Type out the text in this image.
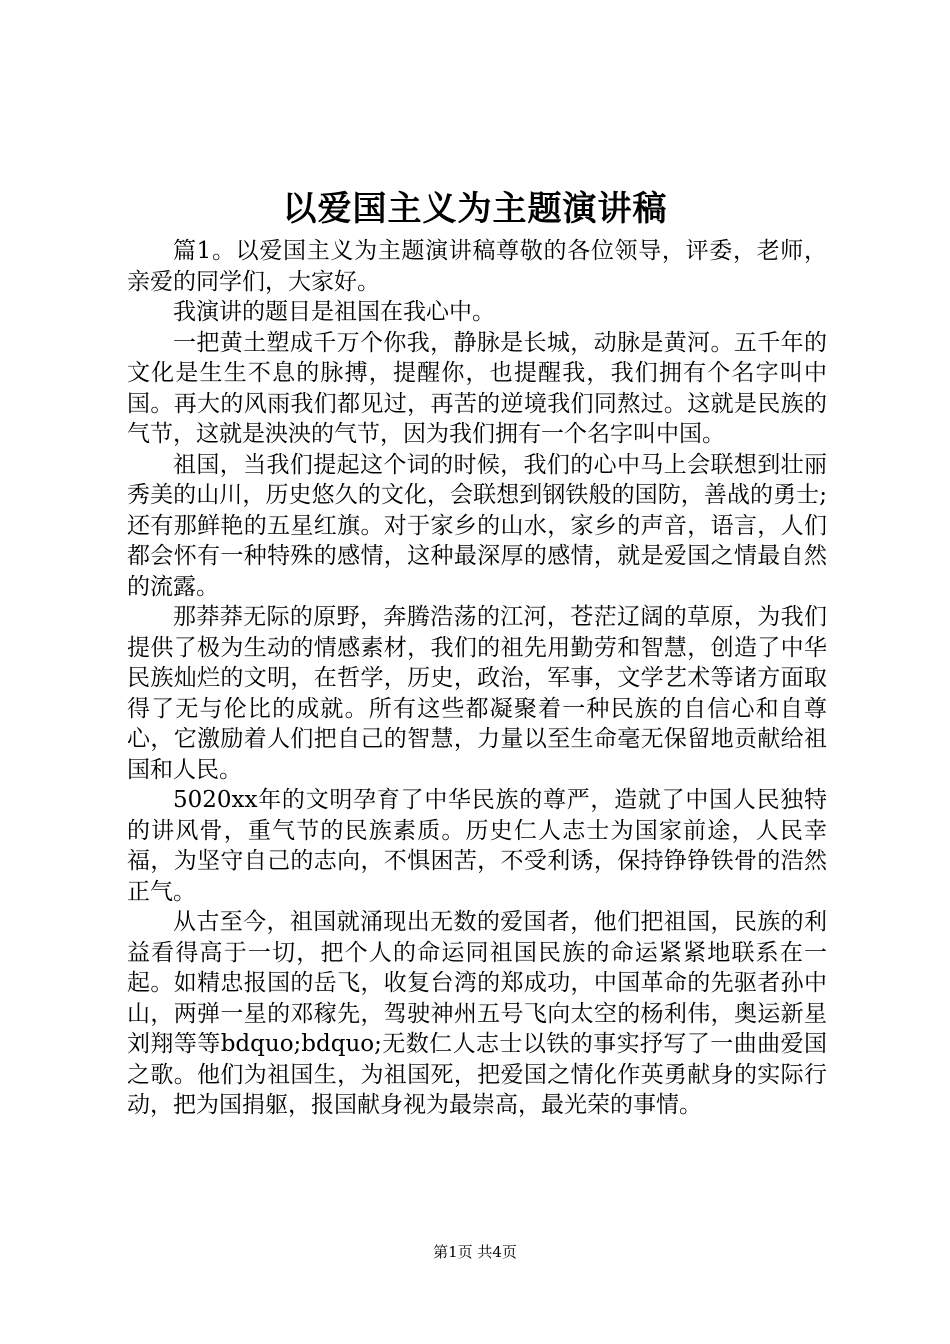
以爱国主义为主题演讲稿

篇1。以爱国主义为主题演讲稿尊敬的各位领导，评委，老师，亲爱的同学们，大家好。

我演讲的题目是祖国在我心中。

一把黄土塑成千万个你我，静脉是长城，动脉是黄河。五千年的文化是生生不息的脉搏，提醒你，也提醒我，我们拥有个名字叫中国。再大的风雨我们都见过，再苦的逆境我们同熬过。这就是民族的气节，这就是泱泱的气节，因为我们拥有一个名字叫中国。

祖国，当我们提起这个词的时候，我们的心中马上会联想到壮丽秀美的山川，历史悠久的文化，会联想到钢铁般的国防，善战的勇士;还有那鲜艳的五星红旗。对于家乡的山水，家乡的声音，语言，人们都会怀有一种特殊的感情，这种最深厚的感情，就是爱国之情最自然的流露。

那莽莽无际的原野，奔腾浩荡的江河，苍茫辽阔的草原，为我们提供了极为生动的情感素材，我们的祖先用勤劳和智慧，创造了中华民族灿烂的文明，在哲学，历史，政治，军事，文学艺术等诸方面取得了无与伦比的成就。所有这些都凝聚着一种民族的自信心和自尊心，它激励着人们把自己的智慧，力量以至生命毫无保留地贡献给祖国和人民。

5020xx年的文明孕育了中华民族的尊严，造就了中国人民独特的讲风骨，重气节的民族素质。历史仁人志士为国家前途，人民幸福，为坚守自己的志向，不惧困苦，不受利诱，保持铮铮铁骨的浩然正气。

从古至今，祖国就涌现出无数的爱国者，他们把祖国，民族的利益看得高于一切，把个人的命运同祖国民族的命运紧紧地联系在一起。如精忠报国的岳飞，收复台湾的郑成功，中国革命的先驱者孙中山，两弹一星的邓稼先，驾驶神州五号飞向太空的杨利伟，奥运新星刘翔等等bdquo;bdquo;无数仁人志士以铁的事实抒写了一曲曲爱国之歌。他们为祖国生，为祖国死，把爱国之情化作英勇献身的实际行动，把为国捐躯，报国献身视为最崇高，最光荣的事情。

第1页 共4页
